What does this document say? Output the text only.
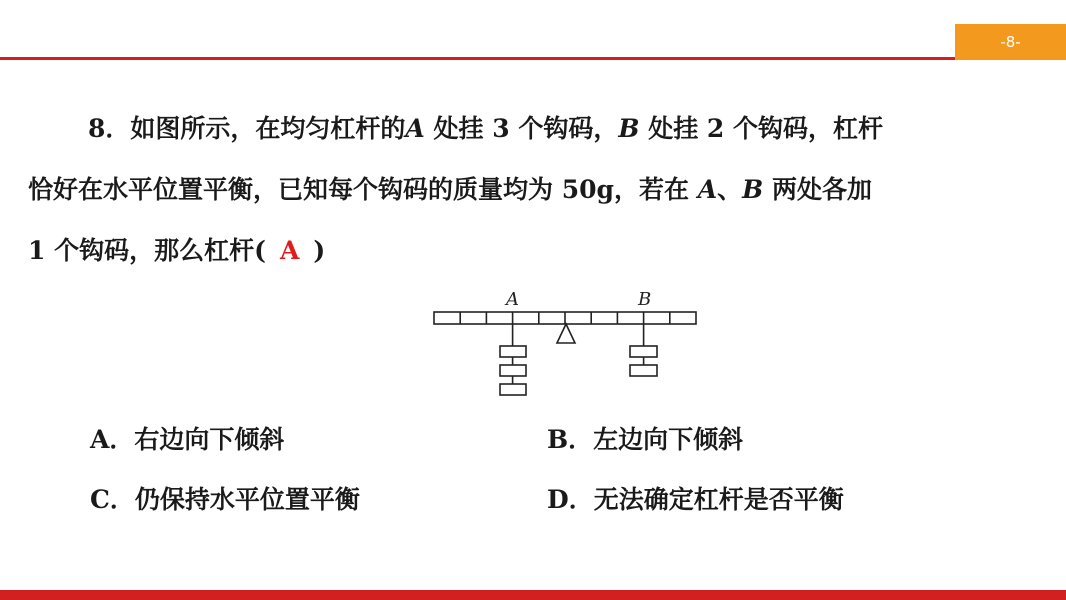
-8-
8．如图所示，在均匀杠杆的A 处挂 3 个钩码，B 处挂 2 个钩码，杠杆
恰好在水平位置平衡，已知每个钩码的质量均为 50g，若在 A、B 两处各加
1 个钩码，那么杠杆( A )
A	B
A．右边向下倾斜	B．左边向下倾斜
C．仍保持水平位置平衡	D．无法确定杠杆是否平衡
